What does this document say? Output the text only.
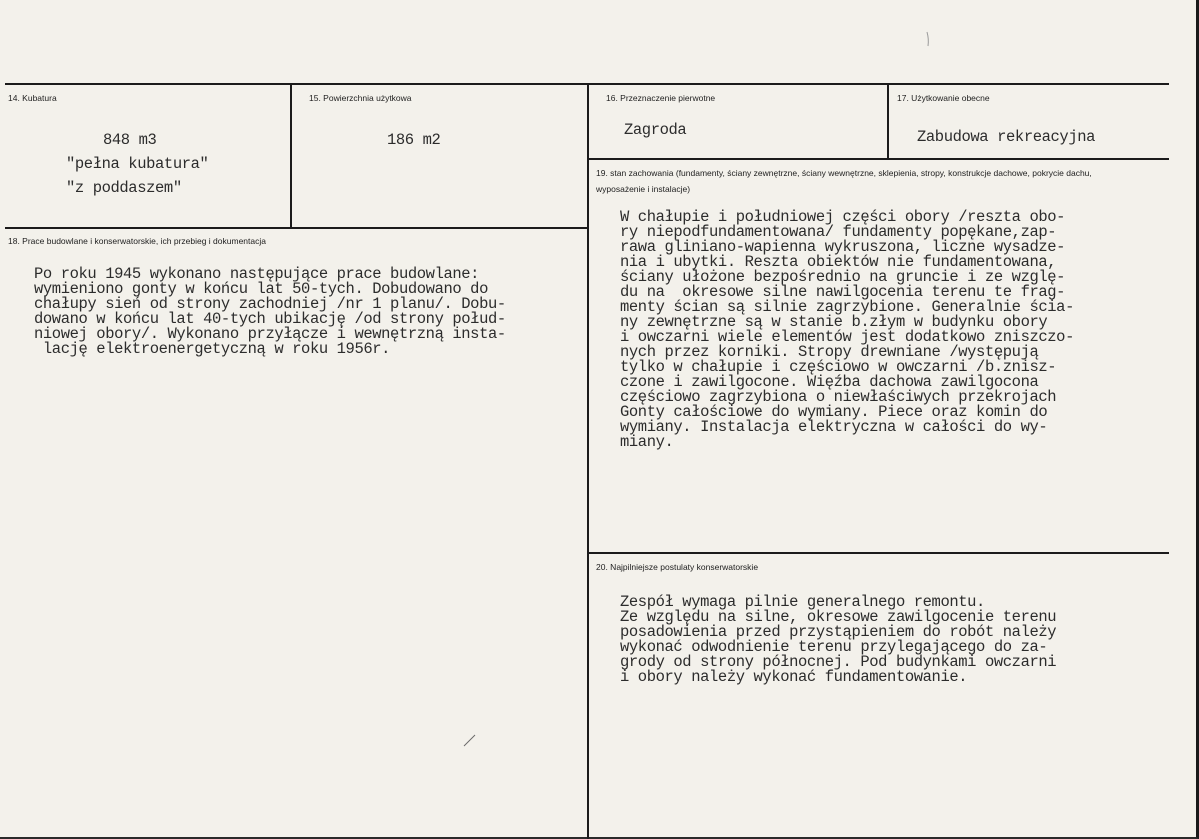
14. Kubatura
848 m3
"pełna kubatura"
"z poddaszem"
15. Powierzchnia użytkowa
186 m2
16. Przeznaczenie pierwotne
Zagroda
17. Użytkowanie obecne
Zabudowa rekreacyjna
18. Prace budowlane i konserwatorskie, ich przebieg i dokumentacja
Po roku 1945 wykonano następujące prace budowlane:
wymieniono gonty w końcu lat 50-tych. Dobudowano do
chałupy sień od strony zachodniej /nr 1 planu/. Dobu-
dowano w końcu lat 40-tych ubikację /od strony połud-
niowej obory/. Wykonano przyłącze i wewnętrzną insta-
lację elektroenergetyczną w roku 1956r.
19. stan zachowania (fundamenty, ściany zewnętrzne, ściany wewnętrzne, sklepienia, stropy, konstrukcje dachowe, pokrycie dachu, wyposażenie i instalacje)
W chałupie i południowej części obory /reszta obo-
ry niepodfundamentowana/ fundamenty popękane,zap-
rawa gliniano-wapienna wykruszona, liczne wysadze-
nia i ubytki. Reszta obiektów nie fundamentowana,
ściany ułożone bezpośrednio na gruncie i ze wzglę-
du na  okresowe silne nawilgocenia terenu te frag-
menty ścian są silnie zagrzybione. Generalnie ścia-
ny zewnętrzne są w stanie b.złym w budynku obory
i owczarni wiele elementów jest dodatkowo zniszczo-
nych przez korniki. Stropy drewniane /występują
tylko w chałupie i częściowo w owczarni /b.znisz-
czone i zawilgocone. Więźba dachowa zawilgocona
częściowo zagrzybiona o niewłaściwych przekrojach
Gonty całościowe do wymiany. Piece oraz komin do
wymiany. Instalacja elektryczna w całości do wy-
miany.
20. Najpilniejsze postulaty konserwatorskie
Zespół wymaga pilnie generalnego remontu.
Ze względu na silne, okresowe zawilgocenie terenu
posadowienia przed przystąpieniem do robót należy
wykonać odwodnienie terenu przylegającego do za-
grody od strony północnej. Pod budynkami owczarni
i obory należy wykonać fundamentowanie.
